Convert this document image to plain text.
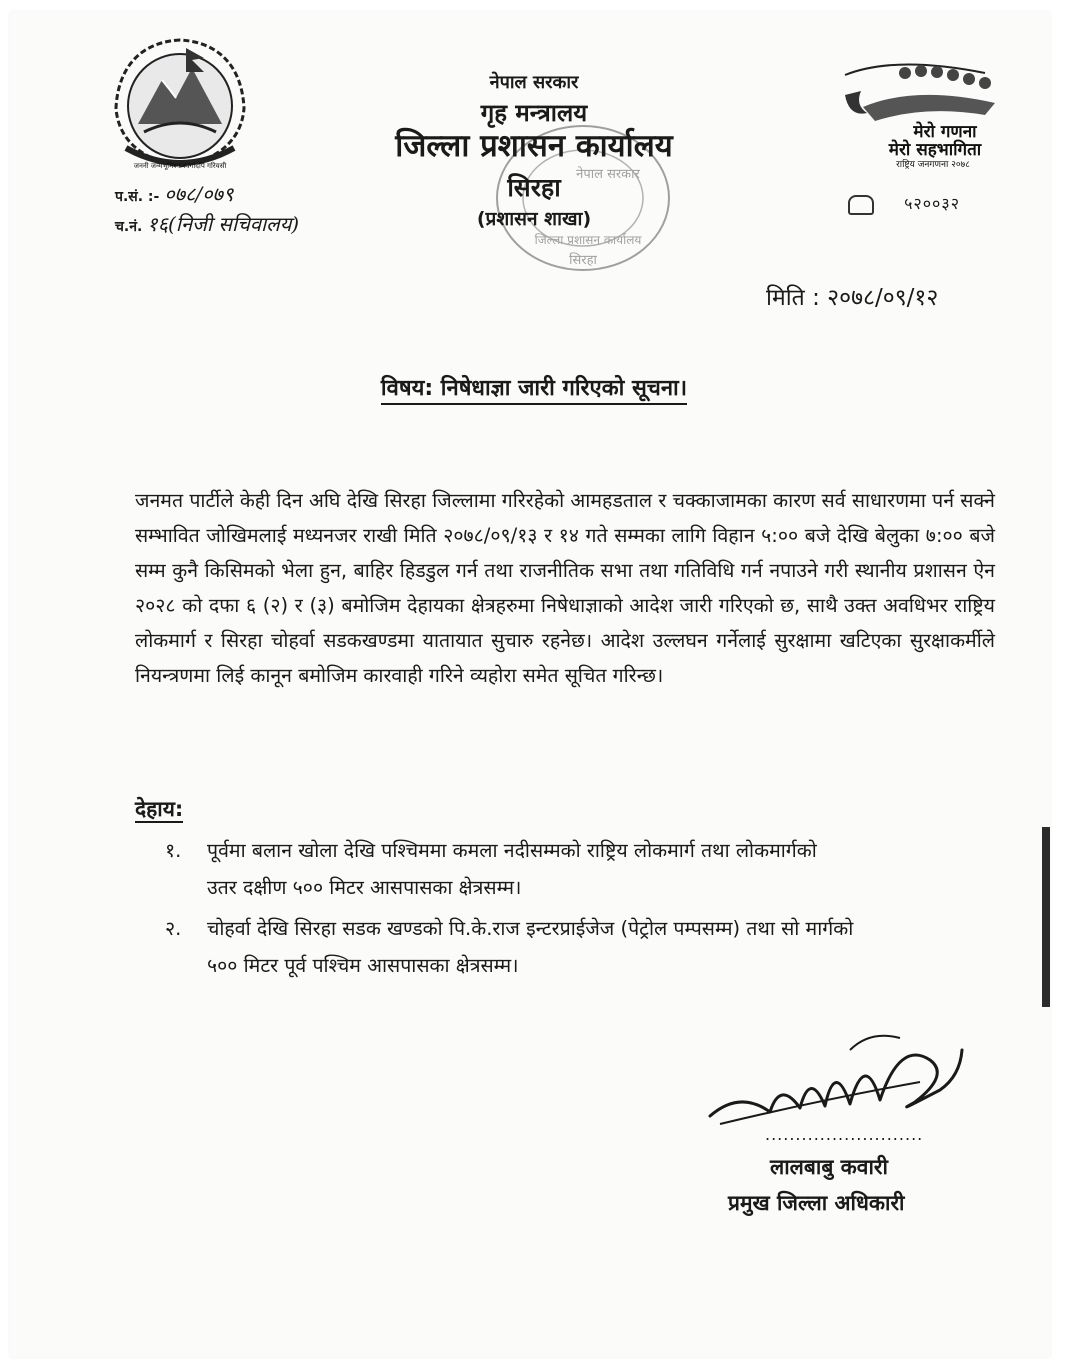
जननी जन्मभूमिश्च स्वर्गादपि गरियसी
मेरो गणना
मेरो सहभागिता
राष्ट्रिय जनगणना २०७८
नेपाल सरकार
जिल्ला प्रशासन कार्यालय
सिरहा
नेपाल सरकार
गृह मन्त्रालय
जिल्ला प्रशासन कार्यालय
सिरहा
(प्रशासन शाखा)
प.सं. :- ०७८/०७९
च.नं. १६(निजी सचिवालय)
५२००३२
मिति : २०७८/०९/१२
विषय: निषेधाज्ञा जारी गरिएको सूचना।
जनमत पार्टीले केही दिन अघि देखि सिरहा जिल्लामा गरिरहेको आमहडताल र चक्काजामका कारण सर्व साधारणमा पर्न सक्ने सम्भावित जोखिमलाई मध्यनजर राखी मिति २०७८/०९/१३ र १४ गते सम्मका लागि विहान ५:०० बजे देखि बेलुका ७:०० बजे सम्म कुनै किसिमको भेला हुन, बाहिर हिडडुल गर्न तथा राजनीतिक सभा तथा गतिविधि गर्न नपाउने गरी स्थानीय प्रशासन ऐन २०२८ को दफा ६ (२) र (३) बमोजिम देहायका क्षेत्रहरुमा निषेधाज्ञाको आदेश जारी गरिएको छ, साथै उक्त अवधिभर राष्ट्रिय लोकमार्ग र सिरहा चोहर्वा सडकखण्डमा यातायात सुचारु रहनेछ। आदेश उल्लघन गर्नेलाई सुरक्षामा खटिएका सुरक्षाकर्मीले नियन्त्रणमा लिई कानून बमोजिम कारवाही गरिने व्यहोरा समेत सूचित गरिन्छ।
देहाय:
१. पूर्वमा बलान खोला देखि पश्चिममा कमला नदीसम्मको राष्ट्रिय लोकमार्ग तथा लोकमार्गको
उतर दक्षीण ५०० मिटर आसपासका क्षेत्रसम्म।
२. चोहर्वा देखि सिरहा सडक खण्डको पि.के.राज इन्टरप्राईजेज (पेट्रोल पम्पसम्म) तथा सो मार्गको
५०० मिटर पूर्व पश्चिम आसपासका क्षेत्रसम्म।
..........................
लालबाबु कवारी
प्रमुख जिल्ला अधिकारी
